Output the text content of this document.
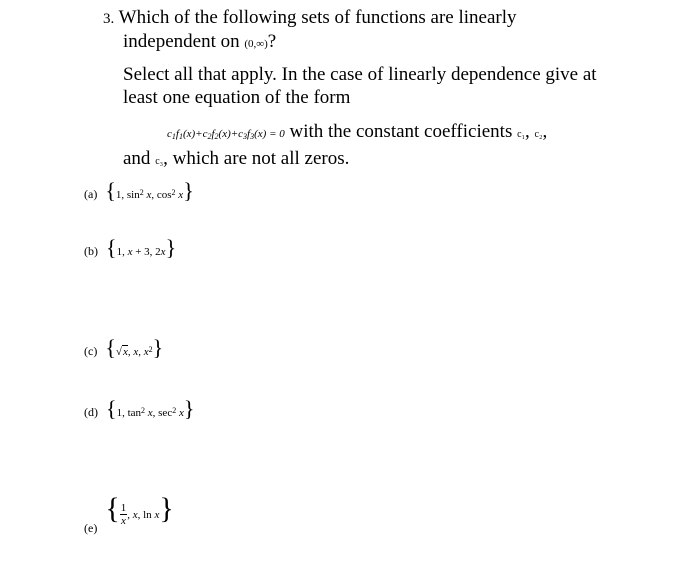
3. Which of the following sets of functions are linearly
independent on (0,∞)?
Select all that apply. In the case of linearly dependence give at
least one equation of the form
$c_1f_1(x)+c_2f_2(x)+c_3f_3(x) = 0$ with the constant coefficients c₁, c₂,
and c₃, which are not all zeros.
(a) {1, $\sin^2 x$, $\cos^2 x$}
(b) {1, x + 3, 2x}
(c) {√x, x, $x^2$}
(d) {1, $\tan^2 x$, $\sec^2 x$}
$_{(e)}$ { $\frac{1}{x}$ , x, ln x}
